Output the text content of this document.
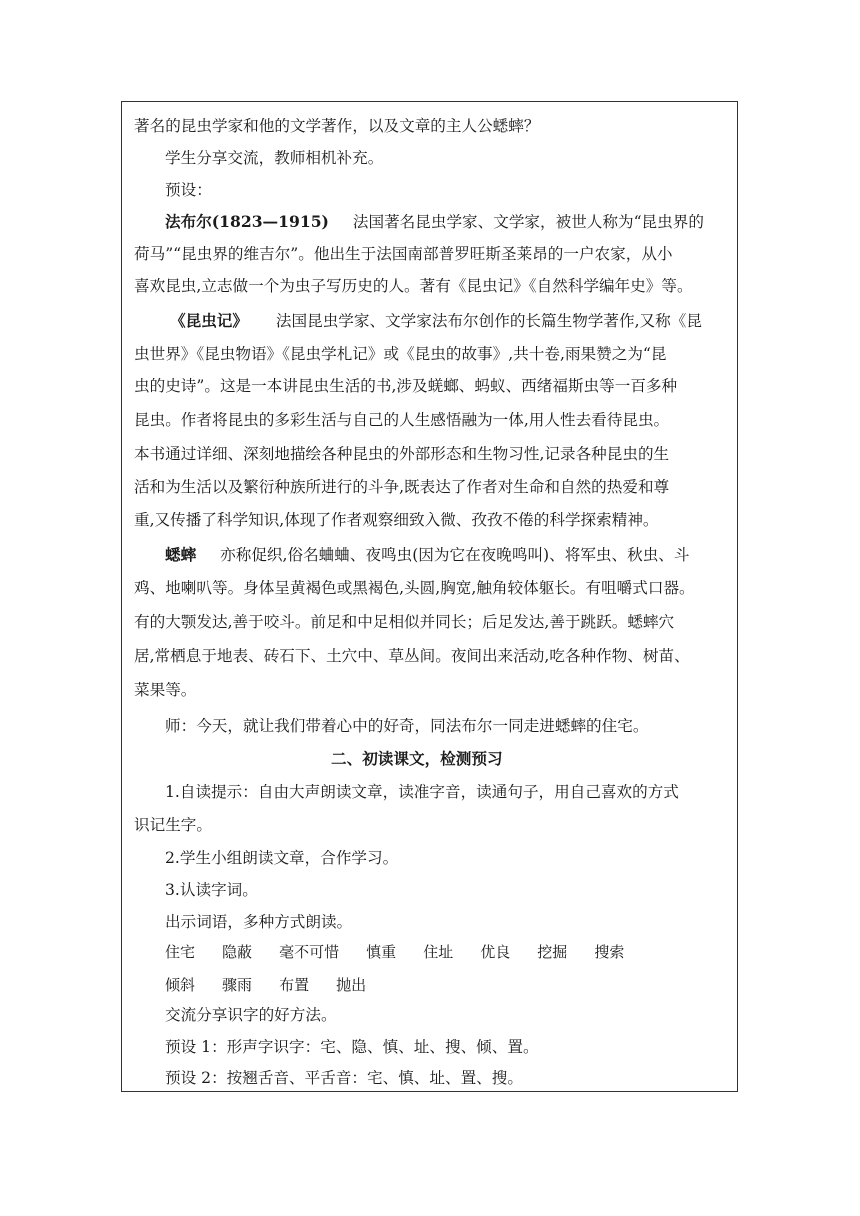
著名的昆虫学家和他的文学著作，以及文章的主人公蟋蟀？
学生分享交流，教师相机补充。
预设：
法布尔(1823—1915) 法国著名昆虫学家、文学家，被世人称为“昆虫界的
荷马”“昆虫界的维吉尔”。他出生于法国南部普罗旺斯圣莱昂的一户农家，从小
喜欢昆虫,立志做一个为虫子写历史的人。著有《昆虫记》《自然科学编年史》等。
《昆虫记》 法国昆虫学家、文学家法布尔创作的长篇生物学著作,又称《昆
虫世界》《昆虫物语》《昆虫学札记》或《昆虫的故事》,共十卷,雨果赞之为“昆
虫的史诗”。这是一本讲昆虫生活的书,涉及蜣螂、蚂蚁、西绪福斯虫等一百多种
昆虫。作者将昆虫的多彩生活与自己的人生感悟融为一体,用人性去看待昆虫。
本书通过详细、深刻地描绘各种昆虫的外部形态和生物习性,记录各种昆虫的生
活和为生活以及繁衍种族所进行的斗争,既表达了作者对生命和自然的热爱和尊
重,又传播了科学知识,体现了作者观察细致入微、孜孜不倦的科学探索精神。
蟋蟀 亦称促织,俗名蛐蛐、夜鸣虫(因为它在夜晚鸣叫)、将军虫、秋虫、斗
鸡、地喇叭等。身体呈黄褐色或黑褐色,头圆,胸宽,触角较体躯长。有咀嚼式口器。
有的大颚发达,善于咬斗。前足和中足相似并同长；后足发达,善于跳跃。蟋蟀穴
居,常栖息于地表、砖石下、土穴中、草丛间。夜间出来活动,吃各种作物、树苗、
菜果等。
师：今天，就让我们带着心中的好奇，同法布尔一同走进蟋蟀的住宅。
二、初读课文，检测预习
1.自读提示：自由大声朗读文章，读准字音，读通句子，用自己喜欢的方式
识记生字。
2.学生小组朗读文章，合作学习。
3.认读字词。
出示词语，多种方式朗读。
住宅 隐蔽 毫不可惜 慎重 住址 优良 挖掘 搜索
倾斜 骤雨 布置 抛出
交流分享识字的好方法。
预设 1：形声字识字：宅、隐、慎、址、搜、倾、置。
预设 2：按翘舌音、平舌音：宅、慎、址、置、搜。
